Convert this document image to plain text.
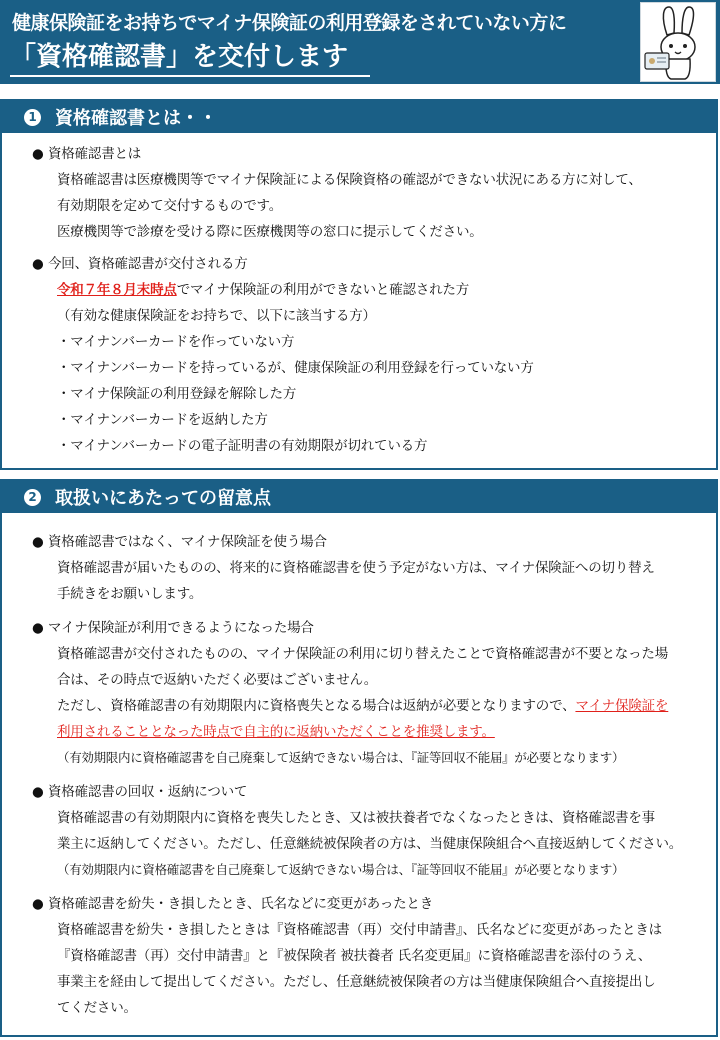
健康保険証をお持ちでマイナ保険証の利用登録をされていない方に
「資格確認書」を交付します
1 資格確認書とは・・
● 資格確認書とは
資格確認書は医療機関等でマイナ保険証による保険資格の確認ができない状況にある方に対して、
有効期限を定めて交付するものです。
医療機関等で診療を受ける際に医療機関等の窓口に提示してください。
● 今回、資格確認書が交付される方
令和７年８月末時点でマイナ保険証の利用ができないと確認された方
（有効な健康保険証をお持ちで、以下に該当する方）
・マイナンバーカードを作っていない方
・マイナンバーカードを持っているが、健康保険証の利用登録を行っていない方
・マイナ保険証の利用登録を解除した方
・マイナンバーカードを返納した方
・マイナンバーカードの電子証明書の有効期限が切れている方
2 取扱いにあたっての留意点
● 資格確認書ではなく、マイナ保険証を使う場合
資格確認書が届いたものの、将来的に資格確認書を使う予定がない方は、マイナ保険証への切り替え
手続きをお願いします。
● マイナ保険証が利用できるようになった場合
資格確認書が交付されたものの、マイナ保険証の利用に切り替えたことで資格確認書が不要となった場
合は、その時点で返納いただく必要はございません。
ただし、資格確認書の有効期限内に資格喪失となる場合は返納が必要となりますので、マイナ保険証を
利用されることとなった時点で自主的に返納いただくことを推奨します。
（有効期限内に資格確認書を自己廃棄して返納できない場合は、『証等回収不能届』が必要となります）
● 資格確認書の回収・返納について
資格確認書の有効期限内に資格を喪失したとき、又は被扶養者でなくなったときは、資格確認書を事
業主に返納してください。ただし、任意継続被保険者の方は、当健康保険組合へ直接返納してください。
（有効期限内に資格確認書を自己廃棄して返納できない場合は、『証等回収不能届』が必要となります）
● 資格確認書を紛失・き損したとき、氏名などに変更があったとき
資格確認書を紛失・き損したときは『資格確認書（再）交付申請書』、氏名などに変更があったときは
『資格確認書（再）交付申請書』と『被保険者 被扶養者 氏名変更届』に資格確認書を添付のうえ、
事業主を経由して提出してください。ただし、任意継続被保険者の方は当健康保険組合へ直接提出し
てください。
